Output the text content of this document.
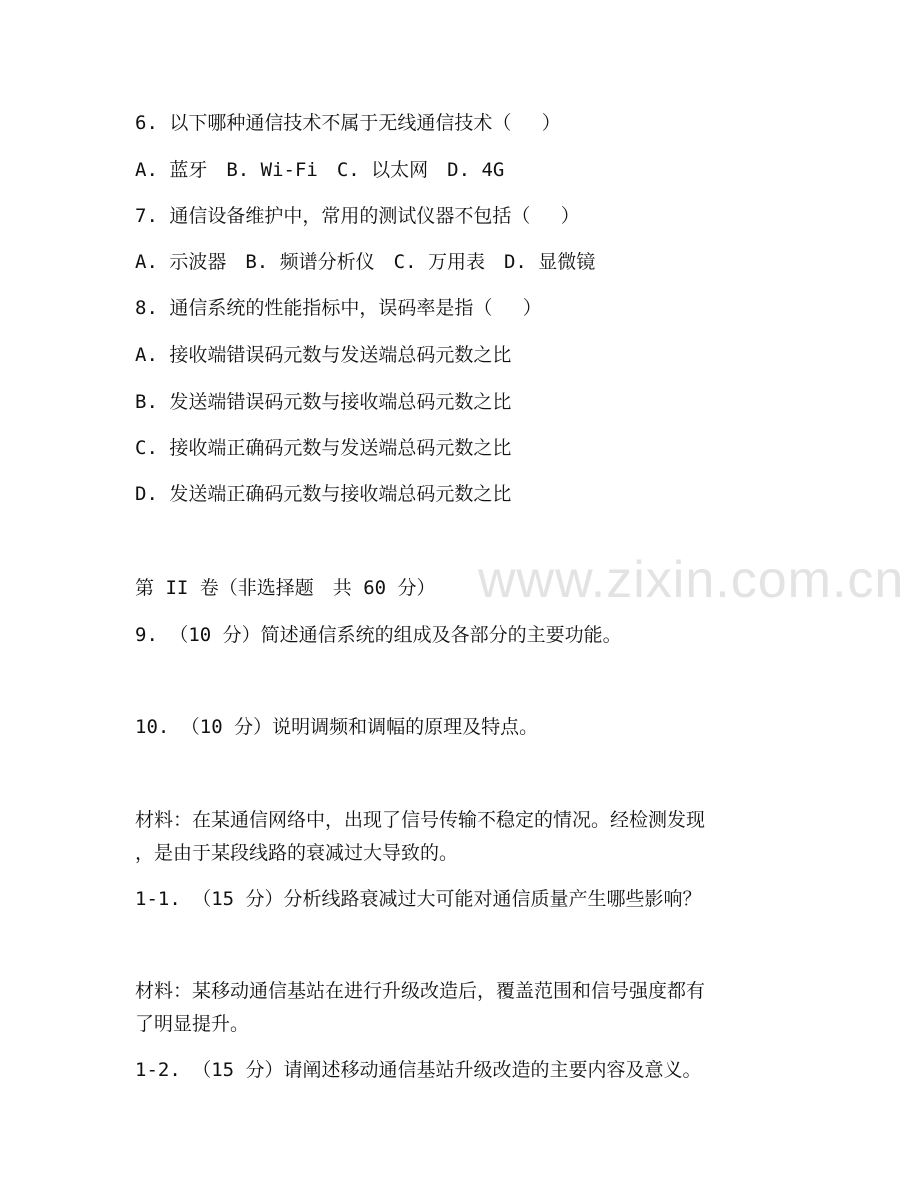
www.zixin.com.cn
6. 以下哪种通信技术不属于无线通信技术（　 ）
A. 蓝牙　B. Wi-Fi　C. 以太网　D. 4G
7. 通信设备维护中，常用的测试仪器不包括（　 ）
A. 示波器　B. 频谱分析仪　C. 万用表　D. 显微镜
8. 通信系统的性能指标中，误码率是指（　 ）
A. 接收端错误码元数与发送端总码元数之比
B. 发送端错误码元数与接收端总码元数之比
C. 接收端正确码元数与发送端总码元数之比
D. 发送端正确码元数与接收端总码元数之比
第 II 卷（非选择题　共 60 分）
9. （10 分）简述通信系统的组成及各部分的主要功能。
10. （10 分）说明调频和调幅的原理及特点。
材料：在某通信网络中，出现了信号传输不稳定的情况。经检测发现
，是由于某段线路的衰减过大导致的。
1-1. （15 分）分析线路衰减过大可能对通信质量产生哪些影响？
材料：某移动通信基站在进行升级改造后，覆盖范围和信号强度都有
了明显提升。
1-2. （15 分）请阐述移动通信基站升级改造的主要内容及意义。
